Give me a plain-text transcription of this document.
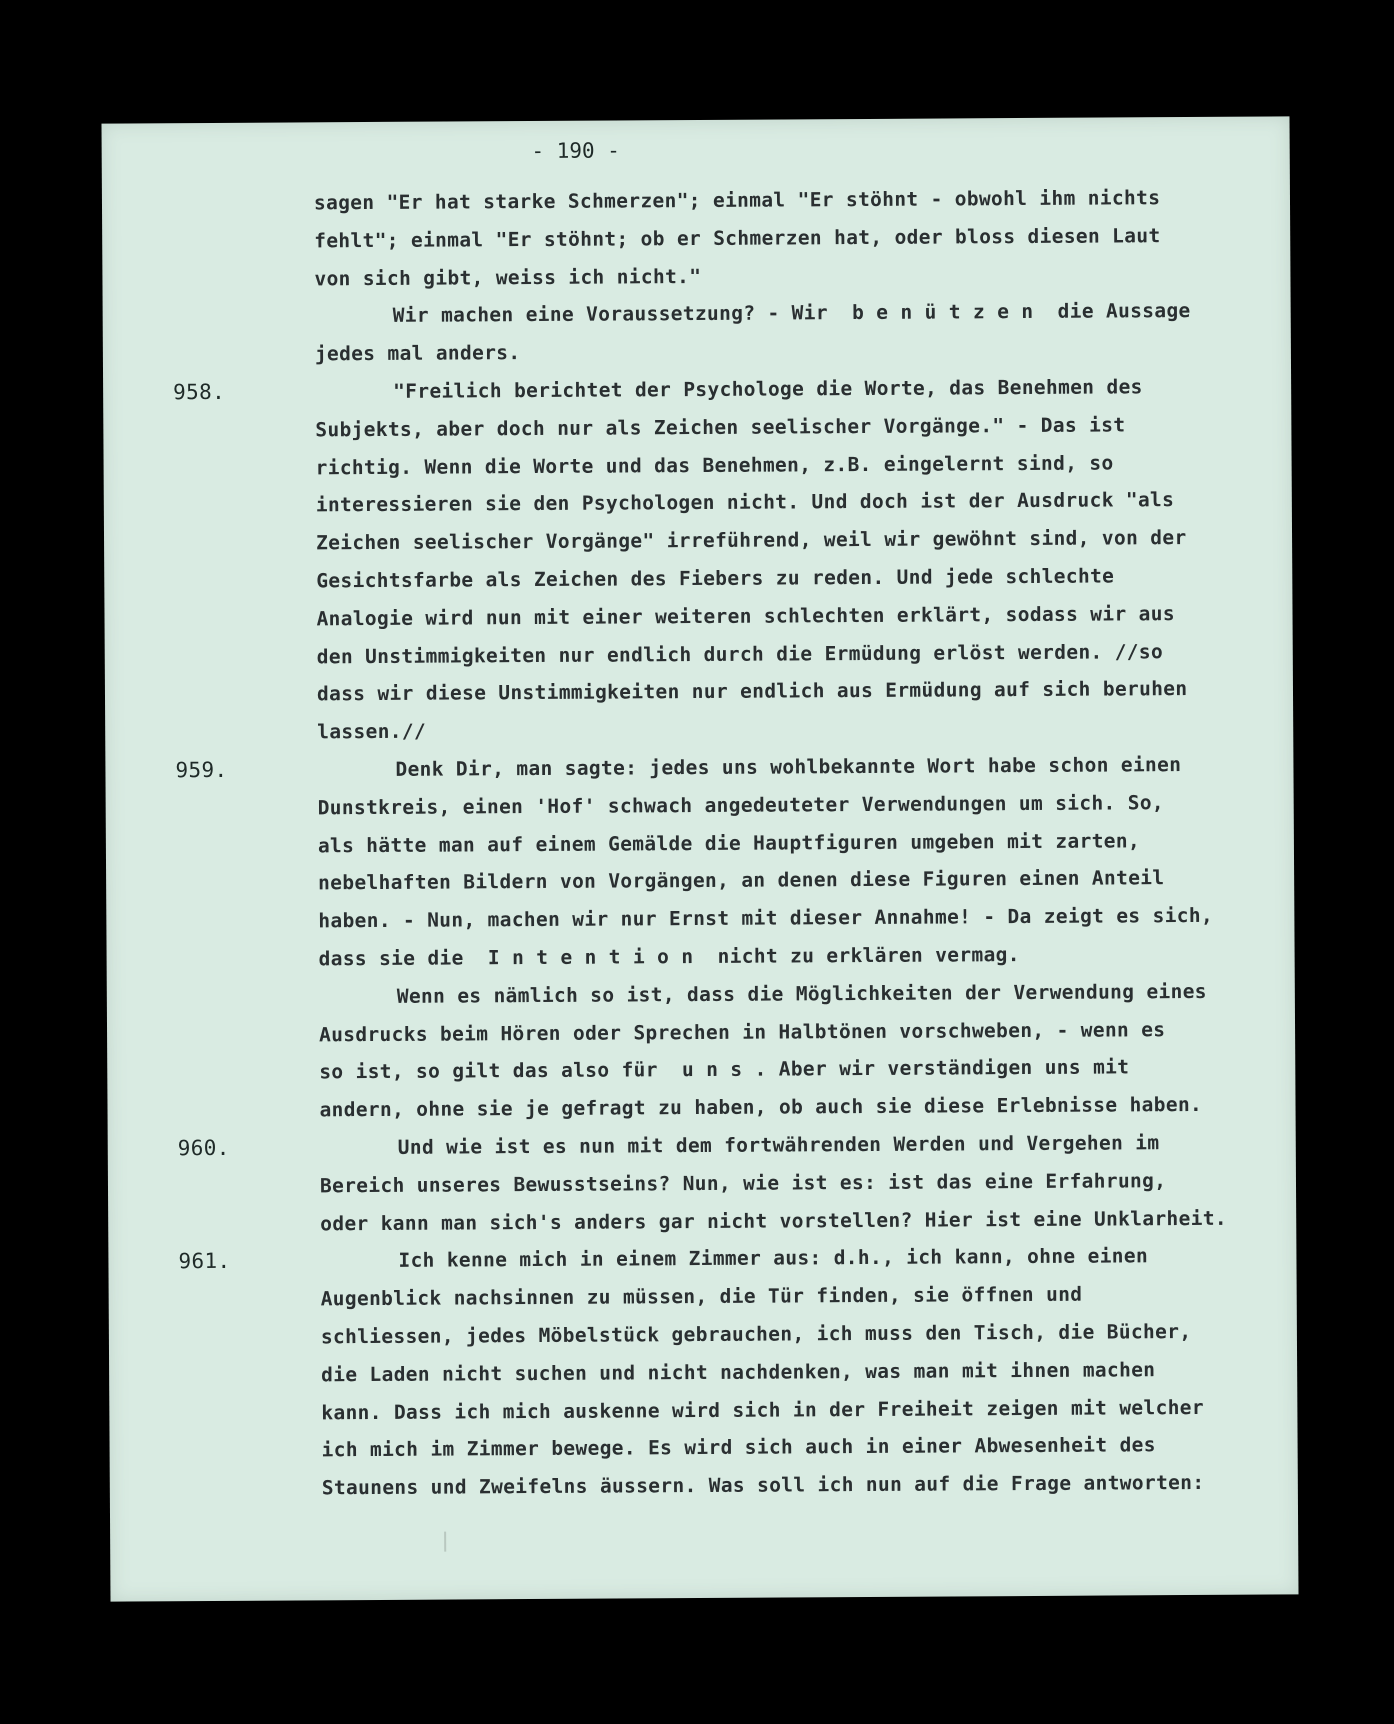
- 190 -
sagen "Er hat starke Schmerzen"; einmal "Er stöhnt - obwohl ihm nichts
fehlt"; einmal "Er stöhnt; ob er Schmerzen hat, oder bloss diesen Laut
von sich gibt, weiss ich nicht."
Wir machen eine Voraussetzung? - Wir  b e n ü t z e n  die Aussage
jedes mal anders.
958.	"Freilich berichtet der Psychologe die Worte, das Benehmen des
Subjekts, aber doch nur als Zeichen seelischer Vorgänge." - Das ist
richtig. Wenn die Worte und das Benehmen, z.B. eingelernt sind, so
interessieren sie den Psychologen nicht. Und doch ist der Ausdruck "als
Zeichen seelischer Vorgänge" irreführend, weil wir gewöhnt sind, von der
Gesichtsfarbe als Zeichen des Fiebers zu reden. Und jede schlechte
Analogie wird nun mit einer weiteren schlechten erklärt, sodass wir aus
den Unstimmigkeiten nur endlich durch die Ermüdung erlöst werden. //so
dass wir diese Unstimmigkeiten nur endlich aus Ermüdung auf sich beruhen
lassen.//
959.	Denk Dir, man sagte: jedes uns wohlbekannte Wort habe schon einen
Dunstkreis, einen 'Hof' schwach angedeuteter Verwendungen um sich. So,
als hätte man auf einem Gemälde die Hauptfiguren umgeben mit zarten,
nebelhaften Bildern von Vorgängen, an denen diese Figuren einen Anteil
haben. - Nun, machen wir nur Ernst mit dieser Annahme! - Da zeigt es sich,
dass sie die  I n t e n t i o n  nicht zu erklären vermag.
Wenn es nämlich so ist, dass die Möglichkeiten der Verwendung eines
Ausdrucks beim Hören oder Sprechen in Halbtönen vorschweben, - wenn es
so ist, so gilt das also für  u n s . Aber wir verständigen uns mit
andern, ohne sie je gefragt zu haben, ob auch sie diese Erlebnisse haben.
960.	Und wie ist es nun mit dem fortwährenden Werden und Vergehen im
Bereich unseres Bewusstseins? Nun, wie ist es: ist das eine Erfahrung,
oder kann man sich's anders gar nicht vorstellen? Hier ist eine Unklarheit.
961.	Ich kenne mich in einem Zimmer aus: d.h., ich kann, ohne einen
Augenblick nachsinnen zu müssen, die Tür finden, sie öffnen und
schliessen, jedes Möbelstück gebrauchen, ich muss den Tisch, die Bücher,
die Laden nicht suchen und nicht nachdenken, was man mit ihnen machen
kann. Dass ich mich auskenne wird sich in der Freiheit zeigen mit welcher
ich mich im Zimmer bewege. Es wird sich auch in einer Abwesenheit des
Staunens und Zweifelns äussern. Was soll ich nun auf die Frage antworten:
